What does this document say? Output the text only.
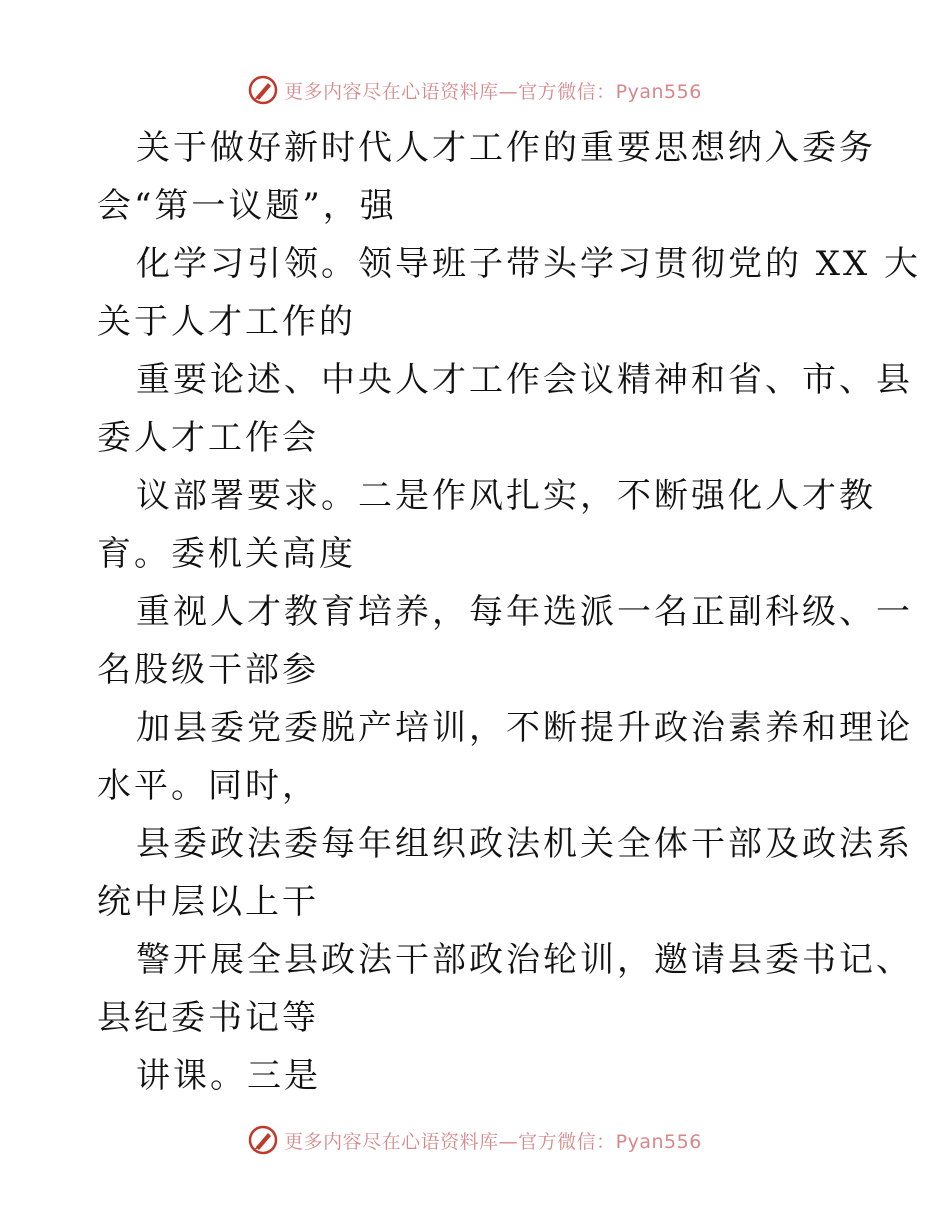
更多内容尽在心语资料库—官方微信：Pyan556
关于做好新时代人才工作的重要思想纳入委务
会“第一议题”，强
化学习引领。领导班子带头学习贯彻党的 XX 大
关于人才工作的
重要论述、中央人才工作会议精神和省、市、县
委人才工作会
议部署要求。二是作风扎实，不断强化人才教
育。委机关高度
重视人才教育培养，每年选派一名正副科级、一
名股级干部参
加县委党委脱产培训，不断提升政治素养和理论
水平。同时，
县委政法委每年组织政法机关全体干部及政法系
统中层以上干
警开展全县政法干部政治轮训，邀请县委书记、
县纪委书记等
讲课。三是
更多内容尽在心语资料库—官方微信：Pyan556
